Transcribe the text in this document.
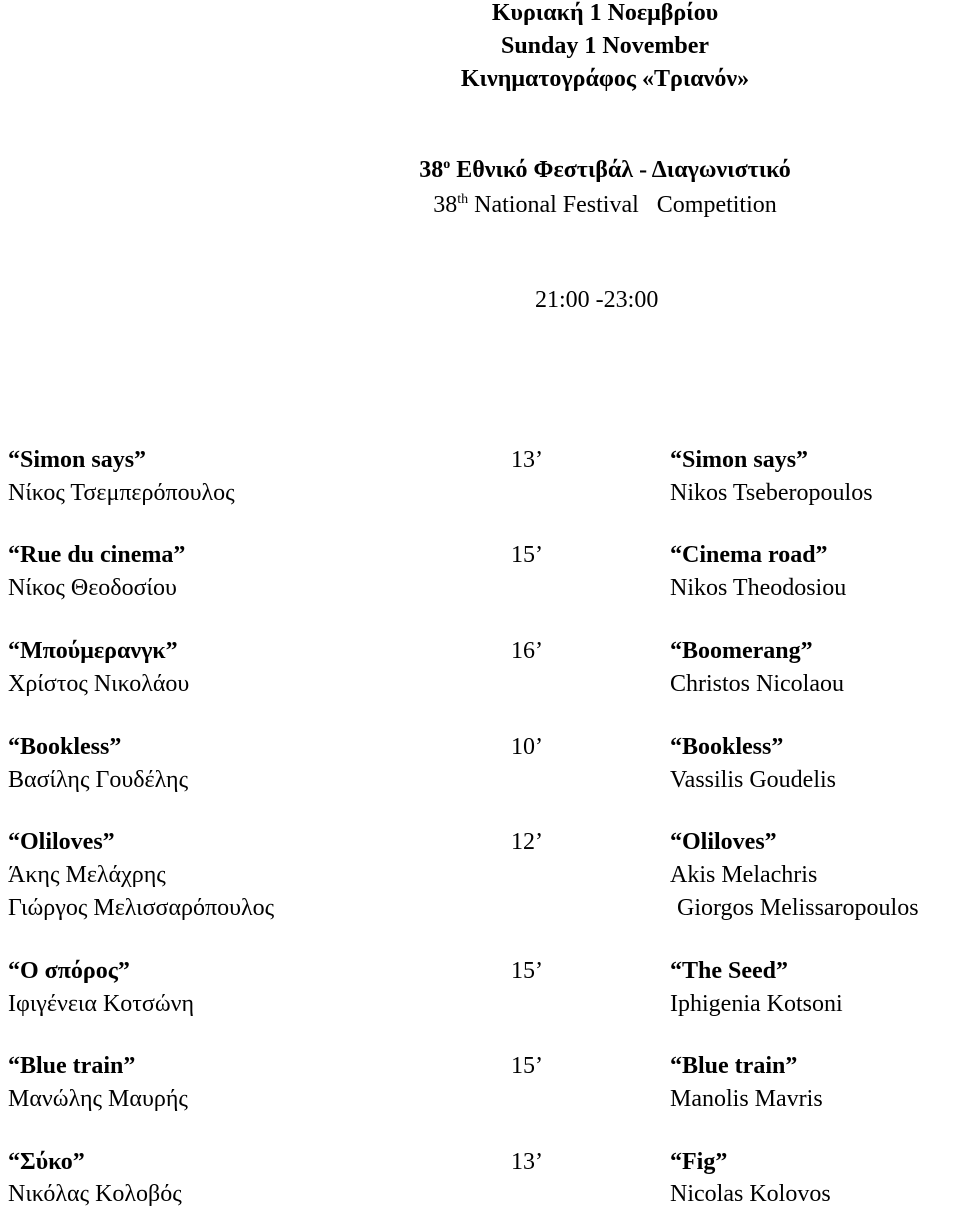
Κυριακή 1 Νοεμβρίου
Sunday 1 November
Κινηματογράφος «Τριανόν»
$38^o$ Εθνικό Φεστιβάλ - Διαγωνιστικό
38th National Festival   Competition
21:00 -23:00
“Simon says”	13’	“Simon says”
Νίκος Τσεμπερόπουλος	Nikos Tseberopoulos
“Rue du cinema”	15’	“Cinema road”
Νίκος Θεοδοσίου	Nikos Theodosiou
“Μπούμερανγκ”	16’	“Boomerang”
Χρίστος Νικολάου	Christos Nicolaou
“Bookless”	10’	“Bookless”
Βασίλης Γουδέλης	Vassilis Goudelis
“Oliloves”	12’	“Oliloves”
Άκης Μελάχρης	Akis Melachris
Γιώργος Μελισσαρόπουλος	Giorgos Melissaropoulos
“Ο σπόρος”	15’	“The Seed”
Ιφιγένεια Κοτσώνη	Iphigenia Kotsoni
“Blue train”	15’	“Blue train”
Μανώλης Μαυρής	Manolis Mavris
“Σύκο”	13’	“Fig”
Νικόλας Κολοβός	Nicolas Kolovos
